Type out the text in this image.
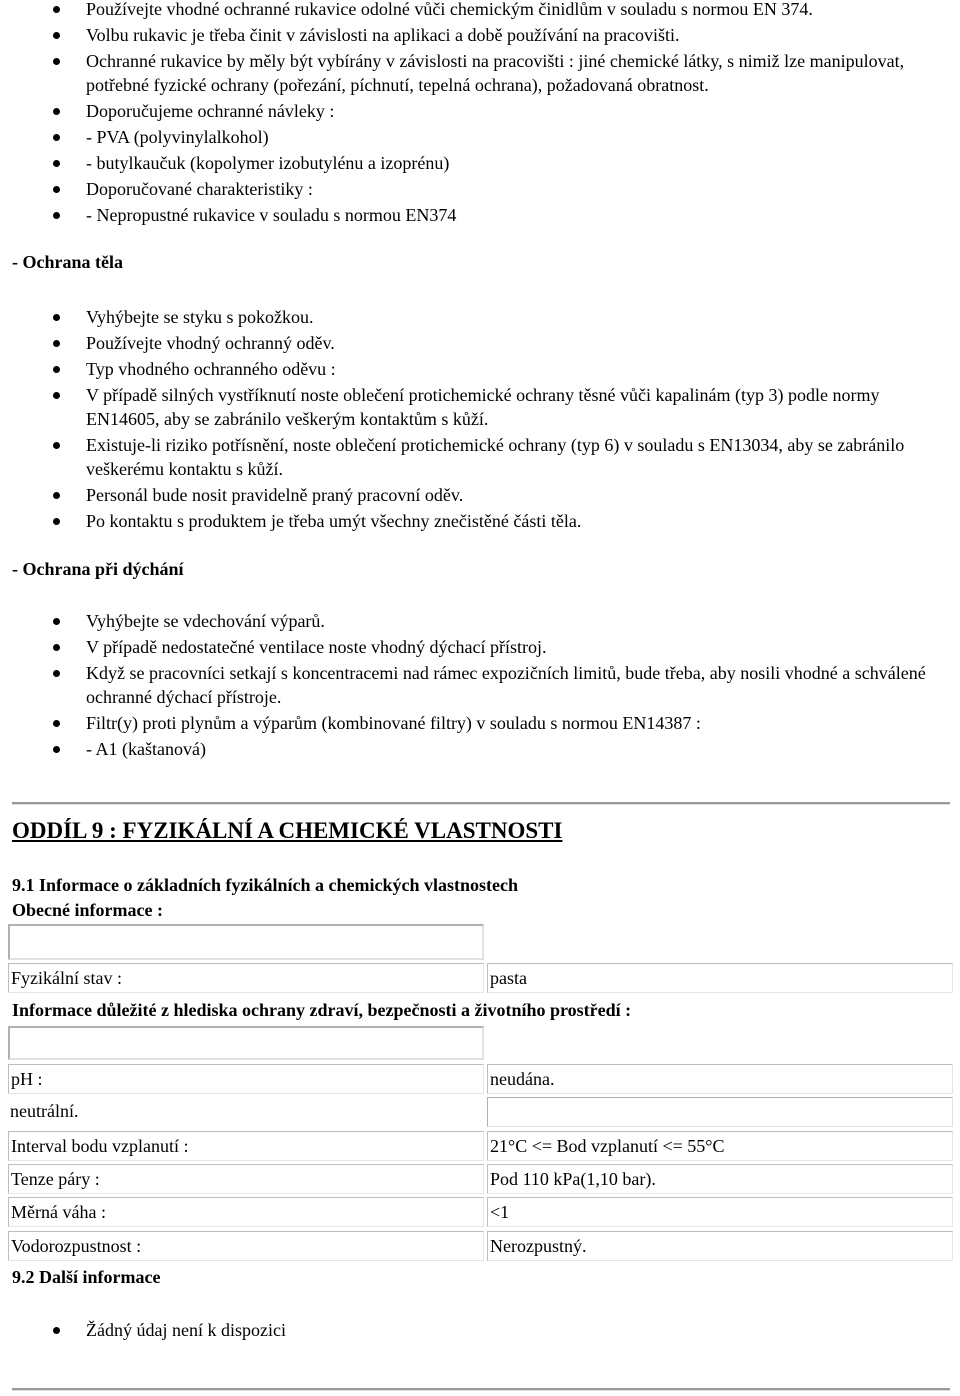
Používejte vhodné ochranné rukavice odolné vůči chemickým činidlům v souladu s normou EN 374.
Volbu rukavic je třeba činit v závislosti na aplikaci a době používání na pracovišti.
Ochranné rukavice by měly být vybírány v závislosti na pracovišti : jiné chemické látky, s nimiž lze manipulovat, potřebné fyzické ochrany (pořezání, píchnutí, tepelná ochrana), požadovaná obratnost.
Doporučujeme ochranné návleky :
- PVA (polyvinylalkohol)
- butylkaučuk (kopolymer izobutylénu a izoprénu)
Doporučované charakteristiky :
- Nepropustné rukavice v souladu s normou EN374
- Ochrana těla
Vyhýbejte se styku s pokožkou.
Používejte vhodný ochranný oděv.
Typ vhodného ochranného oděvu :
V případě silných vystříknutí noste oblečení protichemické ochrany těsné vůči kapalinám (typ 3) podle normy EN14605, aby se zabránilo veškerým kontaktům s kůží.
Existuje-li riziko potřísnění, noste oblečení protichemické ochrany (typ 6) v souladu s EN13034, aby se zabránilo veškerému kontaktu s kůží.
Personál bude nosit pravidelně praný pracovní oděv.
Po kontaktu s produktem je třeba umýt všechny znečistěné části těla.
- Ochrana při dýchání
Vyhýbejte se vdechování výparů.
V případě nedostatečné ventilace noste vhodný dýchací přístroj.
Když se pracovníci setkají s koncentracemi nad rámec expozičních limitů, bude třeba, aby nosili vhodné a schválené ochranné dýchací přístroje.
Filtr(y) proti plynům a výparům (kombinované filtry) v souladu s normou EN14387 :
- A1 (kaštanová)
ODDÍL 9 : FYZIKÁLNÍ A CHEMICKÉ VLASTNOSTI
9.1 Informace o základních fyzikálních a chemických vlastnostech
Obecné informace :
Fyzikální stav :	pasta
Informace důležité z hlediska ochrany zdraví, bezpečnosti a životního prostředí :
pH :	neudána.
neutrální.
Interval bodu vzplanutí :	21°C <= Bod vzplanutí <= 55°C
Tenze páry :	Pod 110 kPa(1,10 bar).
Měrná váha :	<1
Vodorozpustnost :	Nerozpustný.
9.2 Další informace
Žádný údaj není k dispozici
